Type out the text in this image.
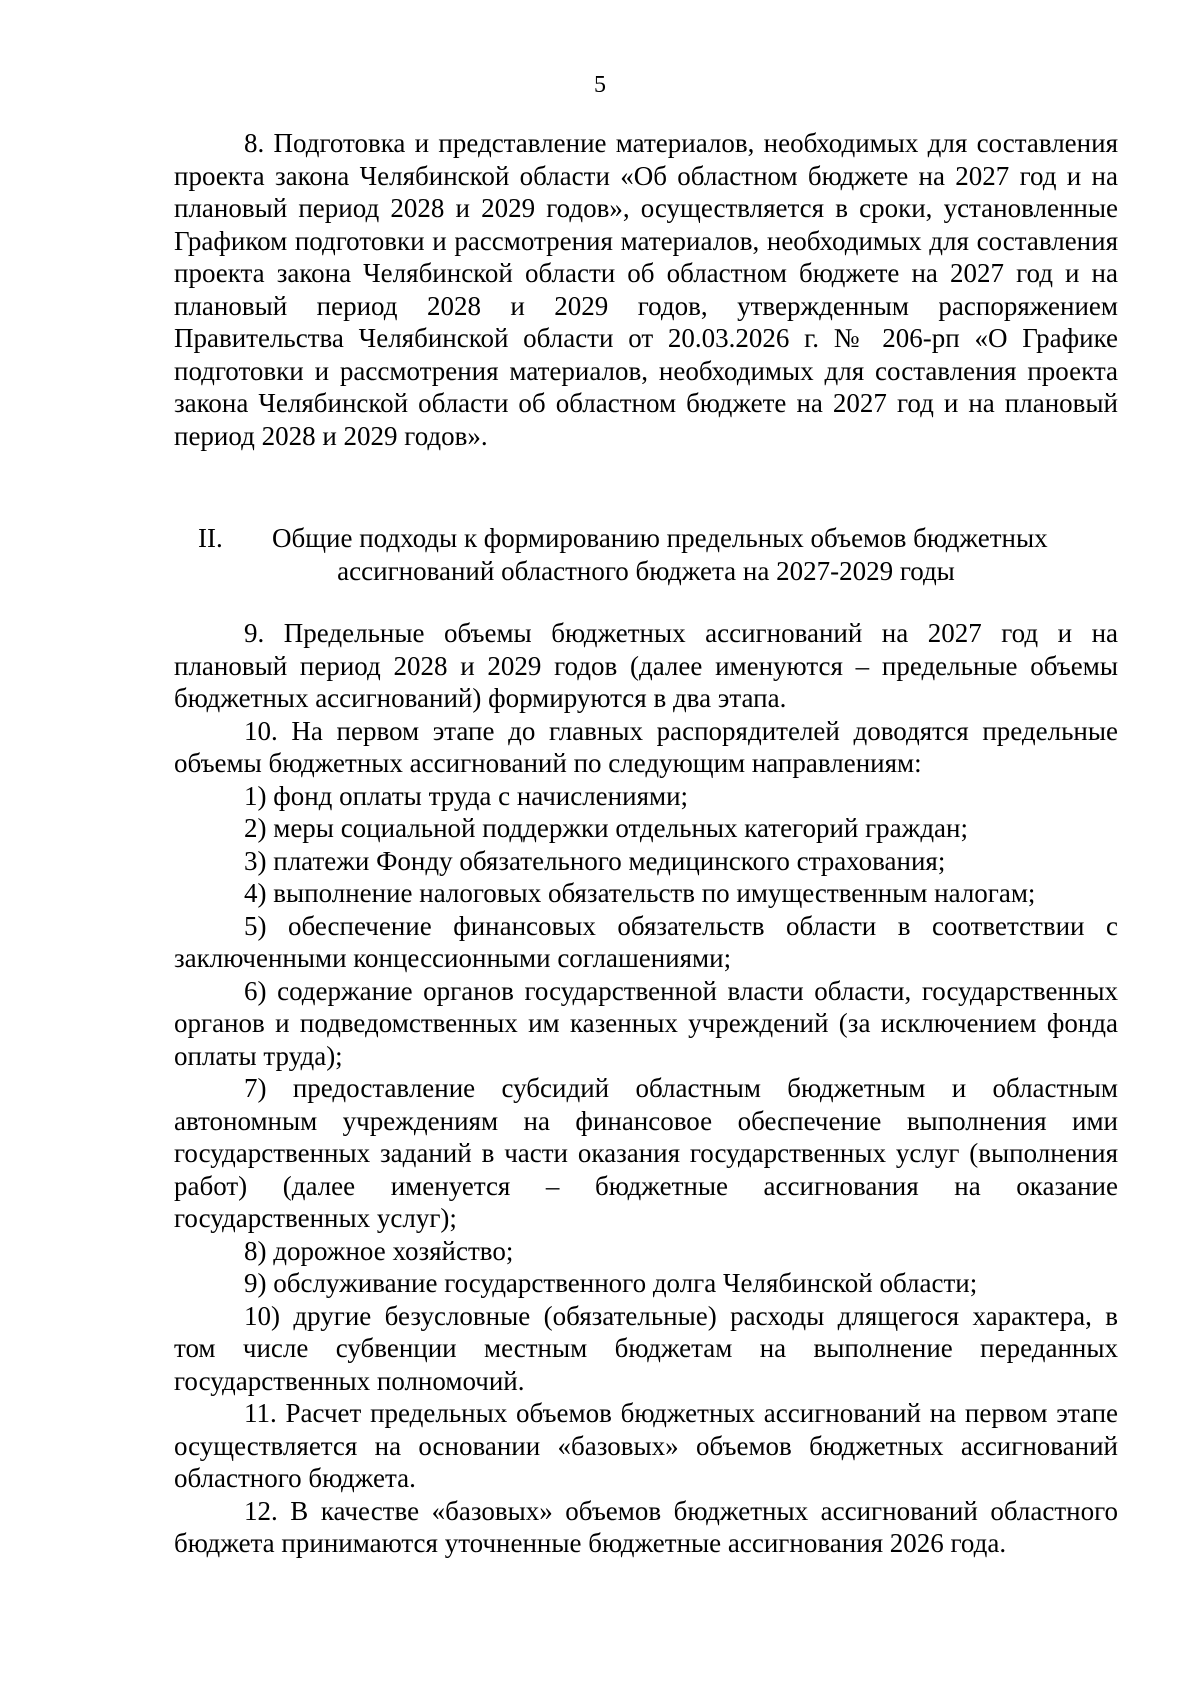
5

8. Подготовка и представление материалов, необходимых для составления проекта закона Челябинской области «Об областном бюджете на 2027 год и на плановый период 2028 и 2029 годов», осуществляется в сроки, установленные Графиком подготовки и рассмотрения материалов, необходимых для составления проекта закона Челябинской области об областном бюджете на 2027 год и на плановый период 2028 и 2029 годов, утвержденным распоряжением Правительства Челябинской области от 20.03.2026 г. № 206-рп «О Графике подготовки и рассмотрения материалов, необходимых для составления проекта закона Челябинской области об областном бюджете на 2027 год и на плановый период 2028 и 2029 годов».

II.	Общие подходы к формированию предельных объемов бюджетных
ассигнований областного бюджета на 2027-2029 годы

9. Предельные объемы бюджетных ассигнований на 2027 год и на плановый период 2028 и 2029 годов (далее именуются – предельные объемы бюджетных ассигнований) формируются в два этапа.

10. На первом этапе до главных распорядителей доводятся предельные объемы бюджетных ассигнований по следующим направлениям:

1) фонд оплаты труда с начислениями;

2) меры социальной поддержки отдельных категорий граждан;

3) платежи Фонду обязательного медицинского страхования;

4) выполнение налоговых обязательств по имущественным налогам;

5) обеспечение финансовых обязательств области в соответствии с заключенными концессионными соглашениями;

6) содержание органов государственной власти области, государственных органов и подведомственных им казенных учреждений (за исключением фонда оплаты труда);

7) предоставление субсидий областным бюджетным и областным автономным учреждениям на финансовое обеспечение выполнения ими государственных заданий в части оказания государственных услуг (выполнения работ) (далее именуется – бюджетные ассигнования на оказание государственных услуг);

8) дорожное хозяйство;

9) обслуживание государственного долга Челябинской области;

10) другие безусловные (обязательные) расходы длящегося характера, в том числе субвенции местным бюджетам на выполнение переданных государственных полномочий.

11. Расчет предельных объемов бюджетных ассигнований на первом этапе осуществляется на основании «базовых» объемов бюджетных ассигнований областного бюджета.

12. В качестве «базовых» объемов бюджетных ассигнований областного бюджета принимаются уточненные бюджетные ассигнования 2026 года.
